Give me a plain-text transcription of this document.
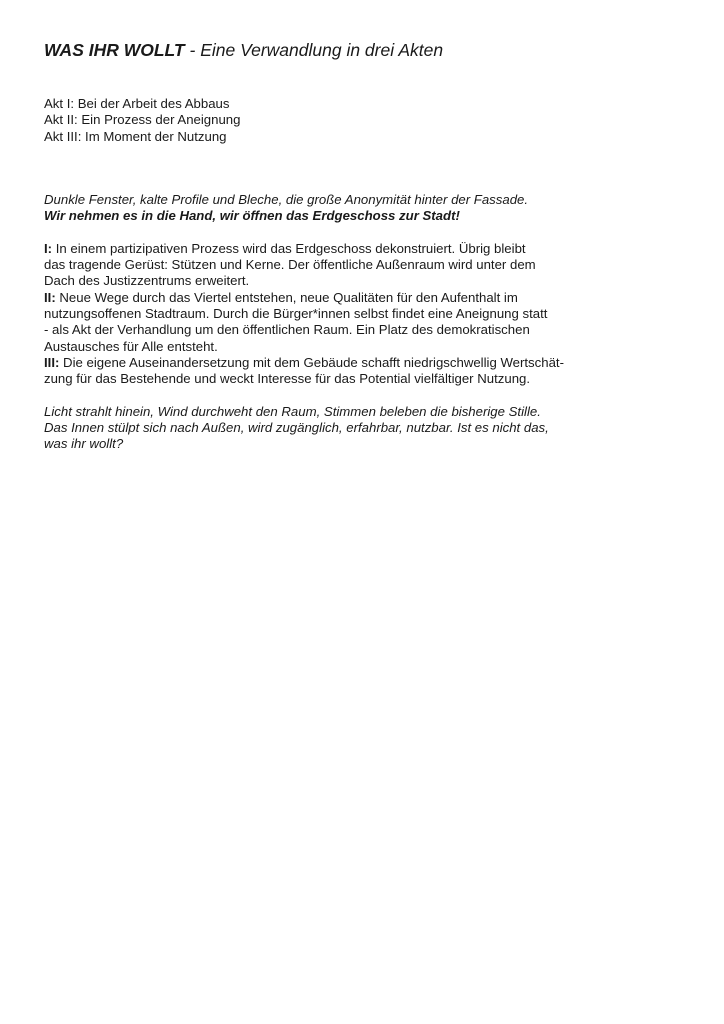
WAS IHR WOLLT - Eine Verwandlung in drei Akten
Akt I: Bei der Arbeit des Abbaus
Akt II: Ein Prozess der Aneignung
Akt III: Im Moment der Nutzung
Dunkle Fenster, kalte Profile und Bleche, die große Anonymität hinter der Fassade.
Wir nehmen es in die Hand, wir öffnen das Erdgeschoss zur Stadt!
I: In einem partizipativen Prozess wird das Erdgeschoss dekonstruiert. Übrig bleibt
das tragende Gerüst: Stützen und Kerne. Der öffentliche Außenraum wird unter dem
Dach des Justizzentrums erweitert.
II: Neue Wege durch das Viertel entstehen, neue Qualitäten für den Aufenthalt im
nutzungsoffenen Stadtraum. Durch die Bürger*innen selbst findet eine Aneignung statt
- als Akt der Verhandlung um den öffentlichen Raum. Ein Platz des demokratischen
Austausches für Alle entsteht.
III: Die eigene Auseinandersetzung mit dem Gebäude schafft niedrigschwellig Wertschät-
zung für das Bestehende und weckt Interesse für das Potential vielfältiger Nutzung.
Licht strahlt hinein, Wind durchweht den Raum, Stimmen beleben die bisherige Stille.
Das Innen stülpt sich nach Außen, wird zugänglich, erfahrbar, nutzbar. Ist es nicht das,
was ihr wollt?
